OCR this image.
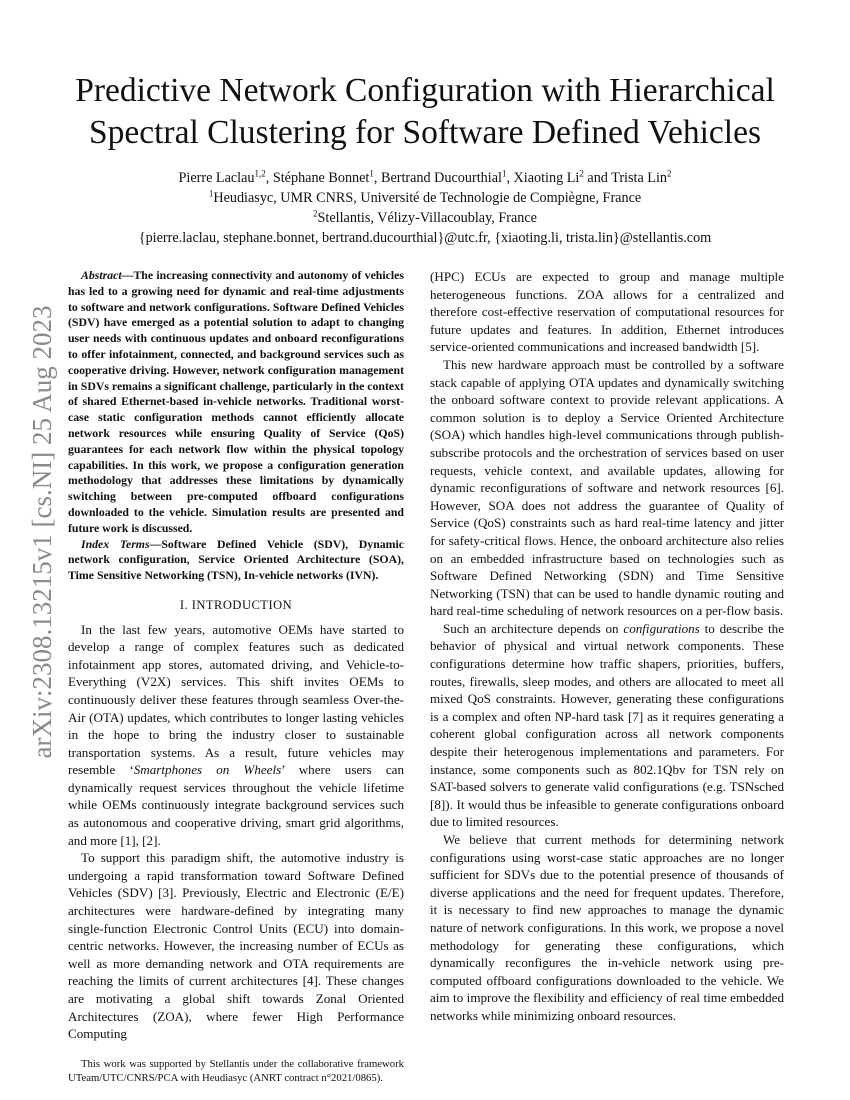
arXiv:2308.13215v1 [cs.NI] 25 Aug 2023
Predictive Network Configuration with Hierarchical
Spectral Clustering for Software Defined Vehicles
Pierre Laclau$^{1,2}$, Stéphane Bonnet$^1$, Bertrand Ducourthial$^1$, Xiaoting Li$^2$ and Trista Lin$^2$
$^1$Heudiasyc, UMR CNRS, Université de Technologie de Compiègne, France
$^2$Stellantis, Vélizy-Villacoublay, France
{pierre.laclau, stephane.bonnet, bertrand.ducourthial}@utc.fr, {xiaoting.li, trista.lin}@stellantis.com

Abstract—The increasing connectivity and autonomy of vehicles has led to a growing need for dynamic and real-time adjustments to software and network configurations. Software Defined Vehicles (SDV) have emerged as a potential solution to adapt to changing user needs with continuous updates and onboard reconfigurations to offer infotainment, connected, and background services such as cooperative driving. However, network configuration management in SDVs remains a significant challenge, particularly in the context of shared Ethernet-based in-vehicle networks. Traditional worst-case static configuration methods cannot efficiently allocate network resources while ensuring Quality of Service (QoS) guarantees for each network flow within the physical topology capabilities. In this work, we propose a configuration generation methodology that addresses these limitations by dynamically switching between pre-computed offboard configurations downloaded to the vehicle. Simulation results are presented and future work is discussed.

Index Terms—Software Defined Vehicle (SDV), Dynamic network configuration, Service Oriented Architecture (SOA), Time Sensitive Networking (TSN), In-vehicle networks (IVN).

I. INTRODUCTION

In the last few years, automotive OEMs have started to develop a range of complex features such as dedicated infotainment app stores, automated driving, and Vehicle-to-Everything (V2X) services. This shift invites OEMs to continuously deliver these features through seamless Over-the-Air (OTA) updates, which contributes to longer lasting vehicles in the hope to bring the industry closer to sustainable transportation systems. As a result, future vehicles may resemble ‘Smartphones on Wheels’ where users can dynamically request services throughout the vehicle lifetime while OEMs continuously integrate background services such as autonomous and cooperative driving, smart grid algorithms, and more [1], [2].

To support this paradigm shift, the automotive industry is undergoing a rapid transformation toward Software Defined Vehicles (SDV) [3]. Previously, Electric and Electronic (E/E) architectures were hardware-defined by integrating many single-function Electronic Control Units (ECU) into domain-centric networks. However, the increasing number of ECUs as well as more demanding network and OTA requirements are reaching the limits of current architectures [4]. These changes are motivating a global shift towards Zonal Oriented Architectures (ZOA), where fewer High Performance Computing

This work was supported by Stellantis under the collaborative framework UTeam/UTC/CNRS/PCA with Heudiasyc (ANRT contract n°2021/0865).

(HPC) ECUs are expected to group and manage multiple heterogeneous functions. ZOA allows for a centralized and therefore cost-effective reservation of computational resources for future updates and features. In addition, Ethernet introduces service-oriented communications and increased bandwidth [5].

This new hardware approach must be controlled by a software stack capable of applying OTA updates and dynamically switching the onboard software context to provide relevant applications. A common solution is to deploy a Service Oriented Architecture (SOA) which handles high-level communications through publish-subscribe protocols and the orchestration of services based on user requests, vehicle context, and available updates, allowing for dynamic reconfigurations of software and network resources [6]. However, SOA does not address the guarantee of Quality of Service (QoS) constraints such as hard real-time latency and jitter for safety-critical flows. Hence, the onboard architecture also relies on an embedded infrastructure based on technologies such as Software Defined Networking (SDN) and Time Sensitive Networking (TSN) that can be used to handle dynamic routing and hard real-time scheduling of network resources on a per-flow basis.

Such an architecture depends on configurations to describe the behavior of physical and virtual network components. These configurations determine how traffic shapers, priorities, buffers, routes, firewalls, sleep modes, and others are allocated to meet all mixed QoS constraints. However, generating these configurations is a complex and often NP-hard task [7] as it requires generating a coherent global configuration across all network components despite their heterogenous implementations and parameters. For instance, some components such as 802.1Qbv for TSN rely on SAT-based solvers to generate valid configurations (e.g. TSNsched [8]). It would thus be infeasible to generate configurations onboard due to limited resources.

We believe that current methods for determining network configurations using worst-case static approaches are no longer sufficient for SDVs due to the potential presence of thousands of diverse applications and the need for frequent updates. Therefore, it is necessary to find new approaches to manage the dynamic nature of network configurations. In this work, we propose a novel methodology for generating these configurations, which dynamically reconfigures the in-vehicle network using pre-computed offboard configurations downloaded to the vehicle. We aim to improve the flexibility and efficiency of real time embedded networks while minimizing onboard resources.
